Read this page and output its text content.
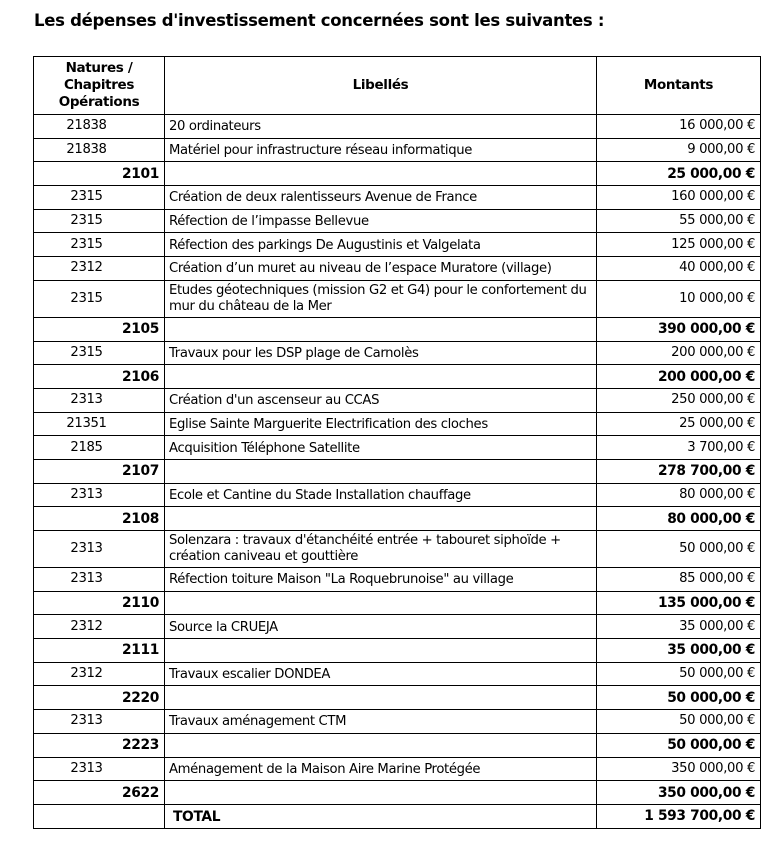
Les dépenses d'investissement concernées sont les suivantes :
Natures /
Chapitres
Opérations	Libellés	Montants
21838	20 ordinateurs	16 000,00 €
21838	Matériel pour infrastructure réseau informatique	9 000,00 €
2101		25 000,00 €
2315	Création de deux ralentisseurs Avenue de France	160 000,00 €
2315	Réfection de l’impasse Bellevue	55 000,00 €
2315	Réfection des parkings De Augustinis et Valgelata	125 000,00 €
2312	Création d’un muret au niveau de l’espace Muratore (village)	40 000,00 €
2315	Etudes géotechniques (mission G2 et G4) pour le confortement du mur du château de la Mer	10 000,00 €
2105		390 000,00 €
2315	Travaux pour les DSP plage de Carnolès	200 000,00 €
2106		200 000,00 €
2313	Création d'un ascenseur au CCAS	250 000,00 €
21351	Eglise Sainte Marguerite Electrification des cloches	25 000,00 €
2185	Acquisition Téléphone Satellite	3 700,00 €
2107		278 700,00 €
2313	Ecole et Cantine du Stade Installation chauffage	80 000,00 €
2108		80 000,00 €
2313	Solenzara : travaux d'étanchéité entrée + tabouret siphoïde + création caniveau et gouttière	50 000,00 €
2313	Réfection toiture Maison "La Roquebrunoise" au village	85 000,00 €
2110		135 000,00 €
2312	Source la CRUEJA	35 000,00 €
2111		35 000,00 €
2312	Travaux escalier DONDEA	50 000,00 €
2220		50 000,00 €
2313	Travaux aménagement CTM	50 000,00 €
2223		50 000,00 €
2313	Aménagement de la Maison Aire Marine Protégée	350 000,00 €
2622		350 000,00 €
	TOTAL	1 593 700,00 €
